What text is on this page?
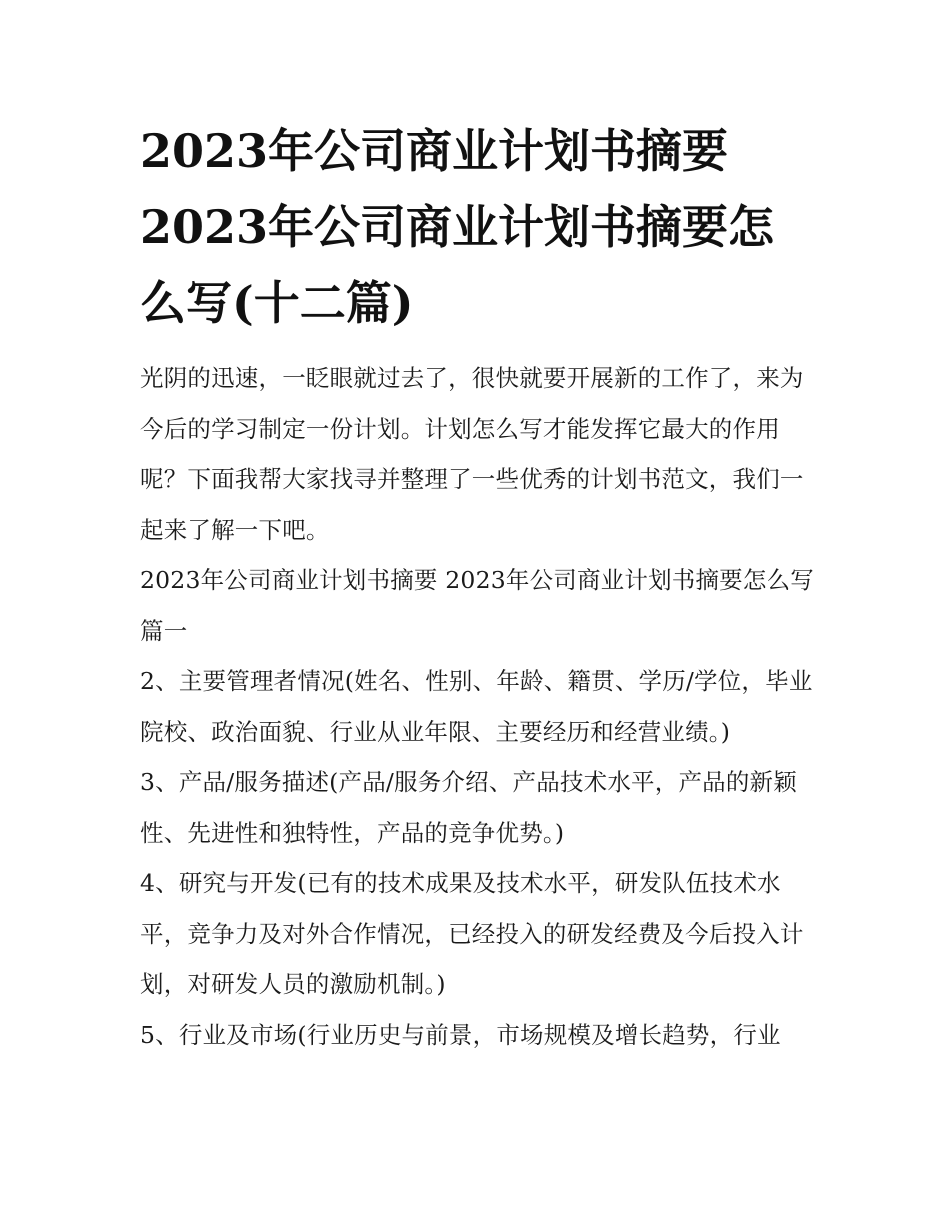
2023年公司商业计划书摘要 2023年公司商业计划书摘要怎么写(十二篇)

光阴的迅速，一眨眼就过去了，很快就要开展新的工作了，来为今后的学习制定一份计划。计划怎么写才能发挥它最大的作用呢？下面我帮大家找寻并整理了一些优秀的计划书范文，我们一起来了解一下吧。

2023年公司商业计划书摘要 2023年公司商业计划书摘要怎么写篇一

2、主要管理者情况(姓名、性别、年龄、籍贯、学历/学位，毕业院校、政治面貌、行业从业年限、主要经历和经营业绩。)

3、产品/服务描述(产品/服务介绍、产品技术水平，产品的新颖性、先进性和独特性，产品的竞争优势。)

4、研究与开发(已有的技术成果及技术水平，研发队伍技术水平，竞争力及对外合作情况，已经投入的研发经费及今后投入计划，对研发人员的激励机制。)

5、行业及市场(行业历史与前景，市场规模及增长趋势，行业
